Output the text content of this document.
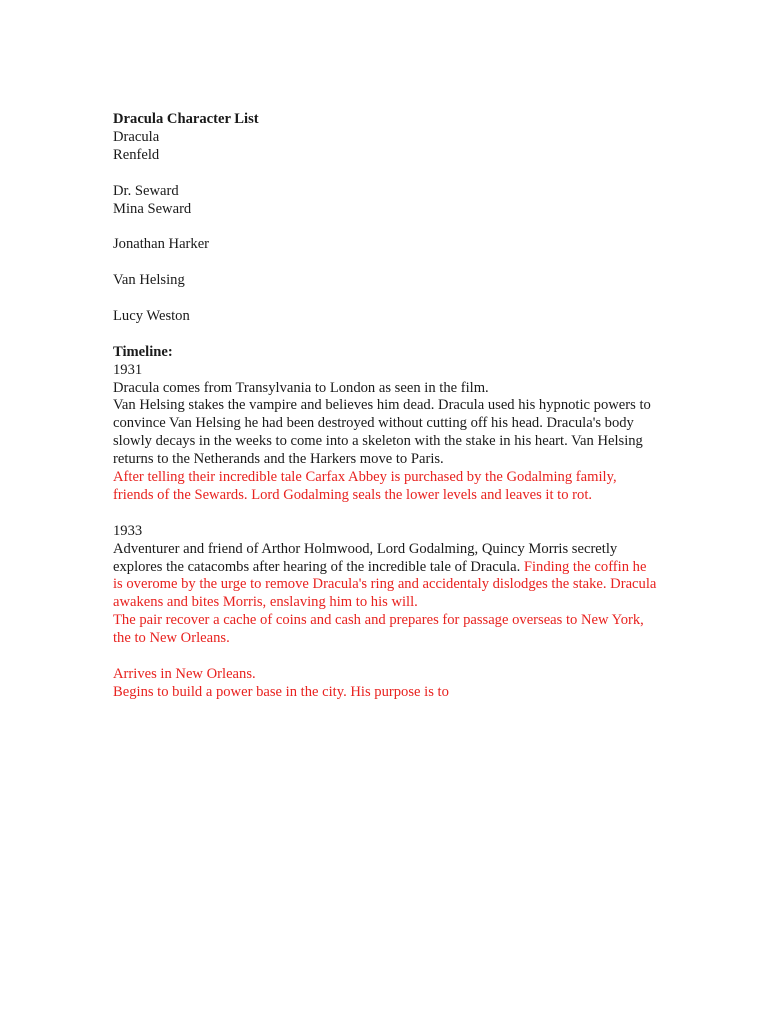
Dracula Character List
Dracula
Renfeld
Dr. Seward
Mina Seward
Jonathan Harker
Van Helsing
Lucy Weston
Timeline:
1931
Dracula comes from Transylvania to London as seen in the film.
Van Helsing stakes the vampire and believes him dead. Dracula used his hypnotic powers to convince Van Helsing he had been destroyed without cutting off his head. Dracula's body slowly decays in the weeks to come into a skeleton with the stake in his heart. Van Helsing returns to the Netherands and the Harkers move to Paris.
After telling their incredible tale Carfax Abbey is purchased by the Godalming family, friends of the Sewards. Lord Godalming seals the lower levels and leaves it to rot.
1933
Adventurer and friend of Arthor Holmwood, Lord Godalming, Quincy Morris secretly explores the catacombs after hearing of the incredible tale of Dracula. Finding the coffin he is overome by the urge to remove Dracula's ring and accidentaly dislodges the stake. Dracula awakens and bites Morris, enslaving him to his will.
The pair recover a cache of coins and cash and prepares for passage overseas to New York, the to New Orleans.
Arrives in New Orleans.
Begins to build a power base in the city. His purpose is to
